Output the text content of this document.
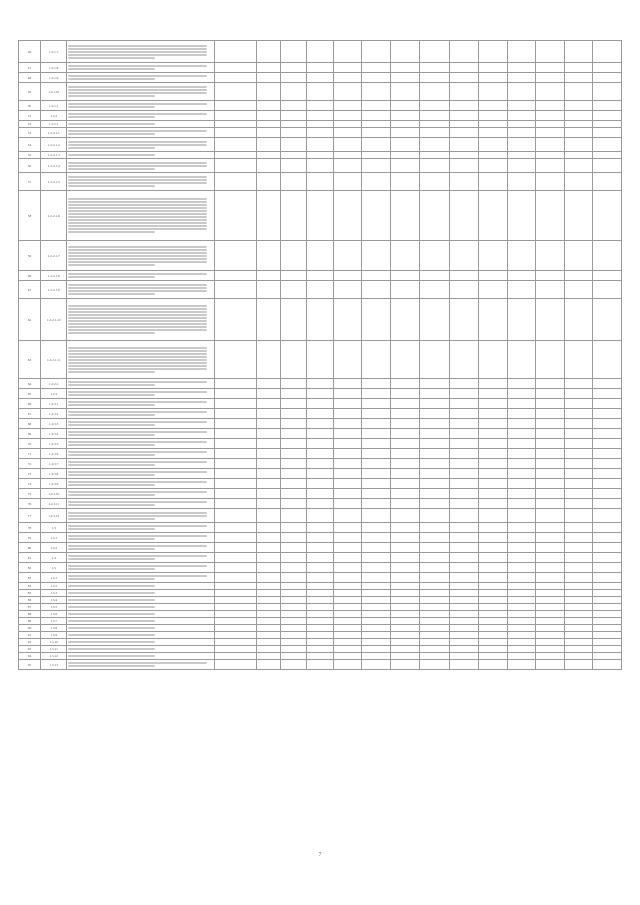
46	1.2.1.7	

47	1.2.1.8	

48	1.2.1.9	

49	1.2.1.10	

50	1.2.1.1	

51	1.2.2	

52	1.2.2.1	

53	1.2.2.1.1	

54	1.2.2.1.2	

55	1.2.2.1.3	

56	1.2.2.1.4	

57	1.2.2.1.5	

58	1.2.2.1.6	

59	1.2.2.1.7	

60	1.2.2.1.8	

61	1.2.2.1.9	

62	1.2.2.1.10	

63	1.2.2.1.11	

64	1.2.2.2	

65	1.2.3	

66	1.2.3.1	

67	1.2.3.2	

68	1.2.3.3	

69	1.2.3.4	

70	1.2.3.5	

71	1.2.3.6	

72	1.2.3.7	

73	1.2.3.8	

74	1.2.3.9	

75	1.2.3.10	

76	1.2.3.11	

77	1.2.3.12	

78	1.3	

79	1.3.1	

80	1.3.2	

81	1.4	

82	1.5	

83	1.5.1	

84	1.5.2	

85	1.5.3	

86	1.5.4	

87	1.5.5	

88	1.5.6	

89	1.5.7	

90	1.5.8	

91	1.5.9	

92	1.5.10	

93	1.5.11	

94	1.5.12	

95	1.5.13	

7
